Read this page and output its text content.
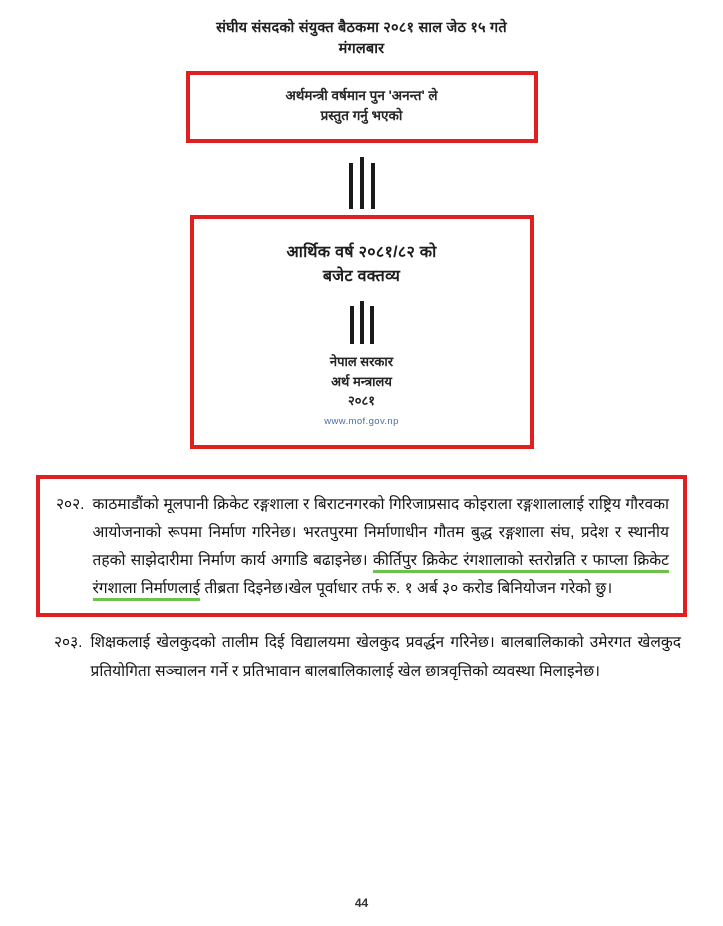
संघीय संसदको संयुक्त बैठकमा २०८१ साल जेठ १५ गते
मंगलबार
अर्थमन्त्री वर्षमान पुन 'अनन्त' ले
प्रस्तुत गर्नु भएको
आर्थिक वर्ष २०८१/८२ को
बजेट वक्तव्य
नेपाल सरकार
अर्थ मन्त्रालय
२०८१
www.mof.gov.np
२०२. काठमाडौंको मूलपानी क्रिकेट रङ्गशाला र बिराटनगरको गिरिजाप्रसाद कोइराला रङ्गशालालाई राष्ट्रिय गौरवका आयोजनाको रूपमा निर्माण गरिनेछ। भरतपुरमा निर्माणाधीन गौतम बुद्ध रङ्गशाला संघ, प्रदेश र स्थानीय तहको साझेदारीमा निर्माण कार्य अगाडि बढाइनेछ। कीर्तिपुर क्रिकेट रंगशालाको स्तरोन्नति र फाप्ला क्रिकेट रंगशाला निर्माणलाई तीब्रता दिइनेछ।खेल पूर्वाधार तर्फ रु. १ अर्ब ३० करोड बिनियोजन गरेको छु।
२०३. शिक्षकलाई खेलकुदको तालीम दिई विद्यालयमा खेलकुद प्रवर्द्धन गरिनेछ। बालबालिकाको उमेरगत खेलकुद प्रतियोगिता सञ्चालन गर्ने र प्रतिभावान बालबालिकालाई खेल छात्रवृत्तिको व्यवस्था मिलाइनेछ।
44
